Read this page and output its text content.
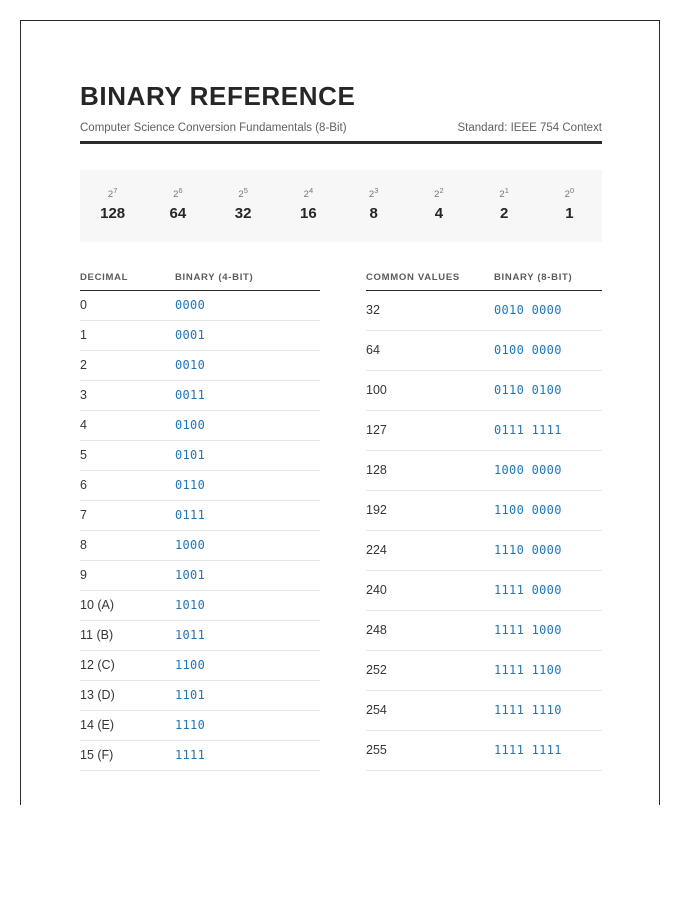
BINARY REFERENCE
Computer Science Conversion Fundamentals (8-Bit)	Standard: IEEE 754 Context
$2^7$
128
$2^6$
64
$2^5$
32
$2^4$
16
$2^3$
8
$2^2$
4
$2^1$
2
$2^0$
1
DECIMAL	BINARY (4-BIT)
0	0000
1	0001
2	0010
3	0011
4	0100
5	0101
6	0110
7	0111
8	1000
9	1001
10 (A)	1010
11 (B)	1011
12 (C)	1100
13 (D)	1101
14 (E)	1110
15 (F)	1111
COMMON VALUES	BINARY (8-BIT)
32	0010 0000
64	0100 0000
100	0110 0100
127	0111 1111
128	1000 0000
192	1100 0000
224	1110 0000
240	1111 0000
248	1111 1000
252	1111 1100
254	1111 1110
255	1111 1111
